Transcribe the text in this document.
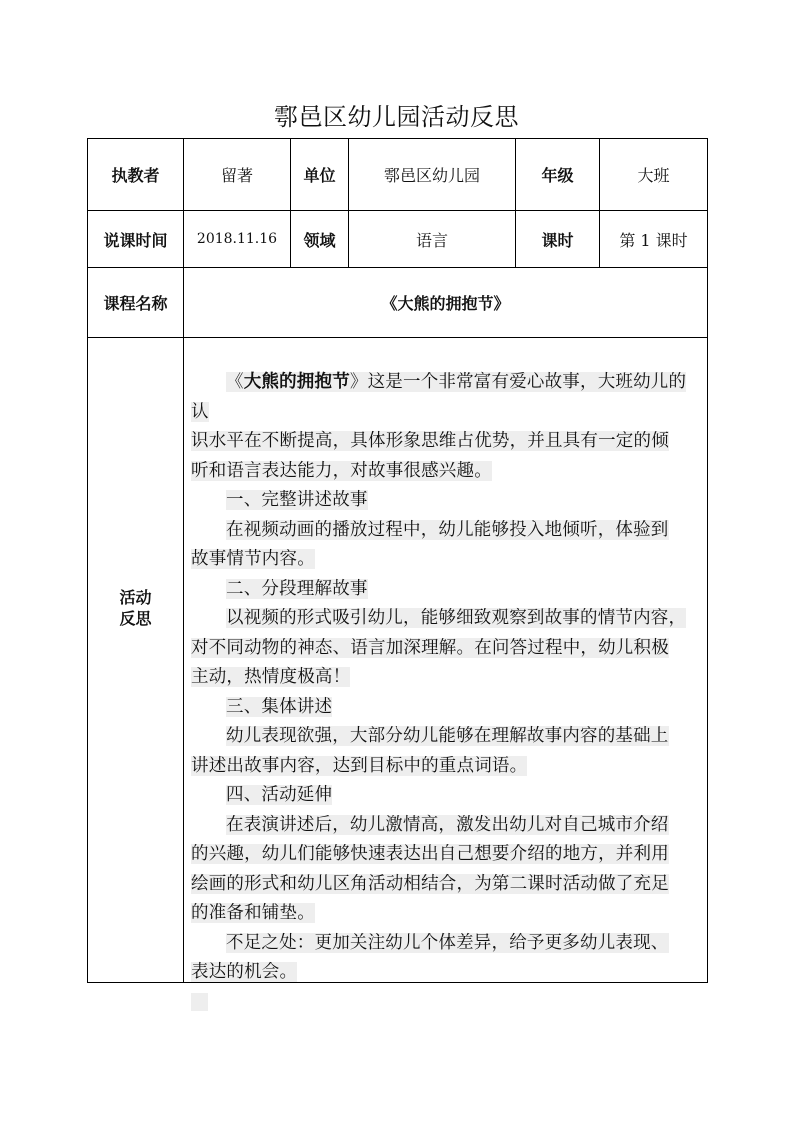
鄠邑区幼儿园活动反思
执教者	留著	单位	鄠邑区幼儿园	年级	大班
说课时间	2018.11.16	领域	语言	课时	第 1 课时
课程名称	《大熊的拥抱节》
活动
反思

《大熊的拥抱节》这是一个非常富有爱心故事，大班幼儿的认

识水平在不断提高，具体形象思维占优势，并且具有一定的倾

听和语言表达能力，对故事很感兴趣。

一、完整讲述故事

在视频动画的播放过程中，幼儿能够投入地倾听，体验到

故事情节内容。

二、分段理解故事

以视频的形式吸引幼儿，能够细致观察到故事的情节内容，

对不同动物的神态、语言加深理解。在问答过程中，幼儿积极

主动，热情度极高！

三、集体讲述

幼儿表现欲强，大部分幼儿能够在理解故事内容的基础上

讲述出故事内容，达到目标中的重点词语。

四、活动延伸

在表演讲述后，幼儿激情高，激发出幼儿对自己城市介绍

的兴趣，幼儿们能够快速表达出自己想要介绍的地方，并利用

绘画的形式和幼儿区角活动相结合，为第二课时活动做了充足

的准备和铺垫。

不足之处：更加关注幼儿个体差异，给予更多幼儿表现、

表达的机会。
